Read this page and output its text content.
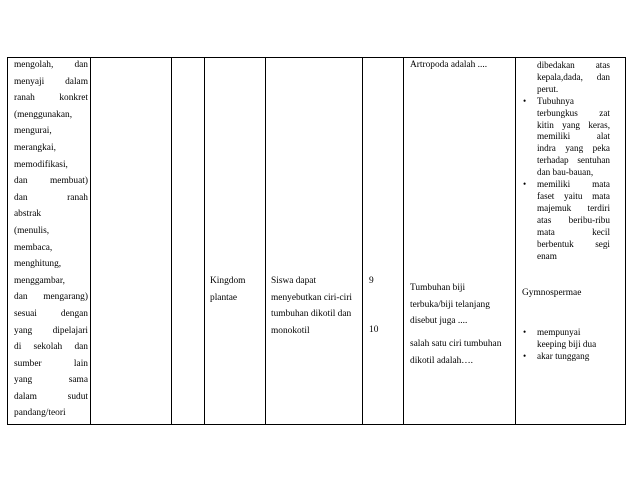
mengolah, dan

menyaji dalam

ranah konkret

(menggunakan,

mengurai,

merangkai,

memodifikasi,

dan membuat)

dan ranah

abstrak

(menulis,

membaca,

menghitung,

menggambar,

dan mengarang)

sesuai dengan

yang dipelajari

di sekolah dan

sumber lain

yang sama

dalam sudut

pandang/teori

Kingdom

plantae

Siswa dapat

menyebutkan ciri-ciri

tumbuhan dikotil dan

monokotil

9

10

Artropoda adalah ....

Tumbuhan biji

terbuka/biji telanjang

disebut juga ....

salah satu ciri tumbuhan

dikotil adalah….

dibedakan atas
kepala,dada, dan
perut.
• Tubuhnya
terbungkus zat
kitin yang keras,
memiliki alat
indra yang peka
terhadap sentuhan
dan bau-bauan,
• memiliki mata
faset yaitu mata
majemuk terdiri
atas beribu-ribu
mata kecil
berbentuk segi
enam

Gymnospermae

• mempunyai
keeping biji dua
• akar tunggang
